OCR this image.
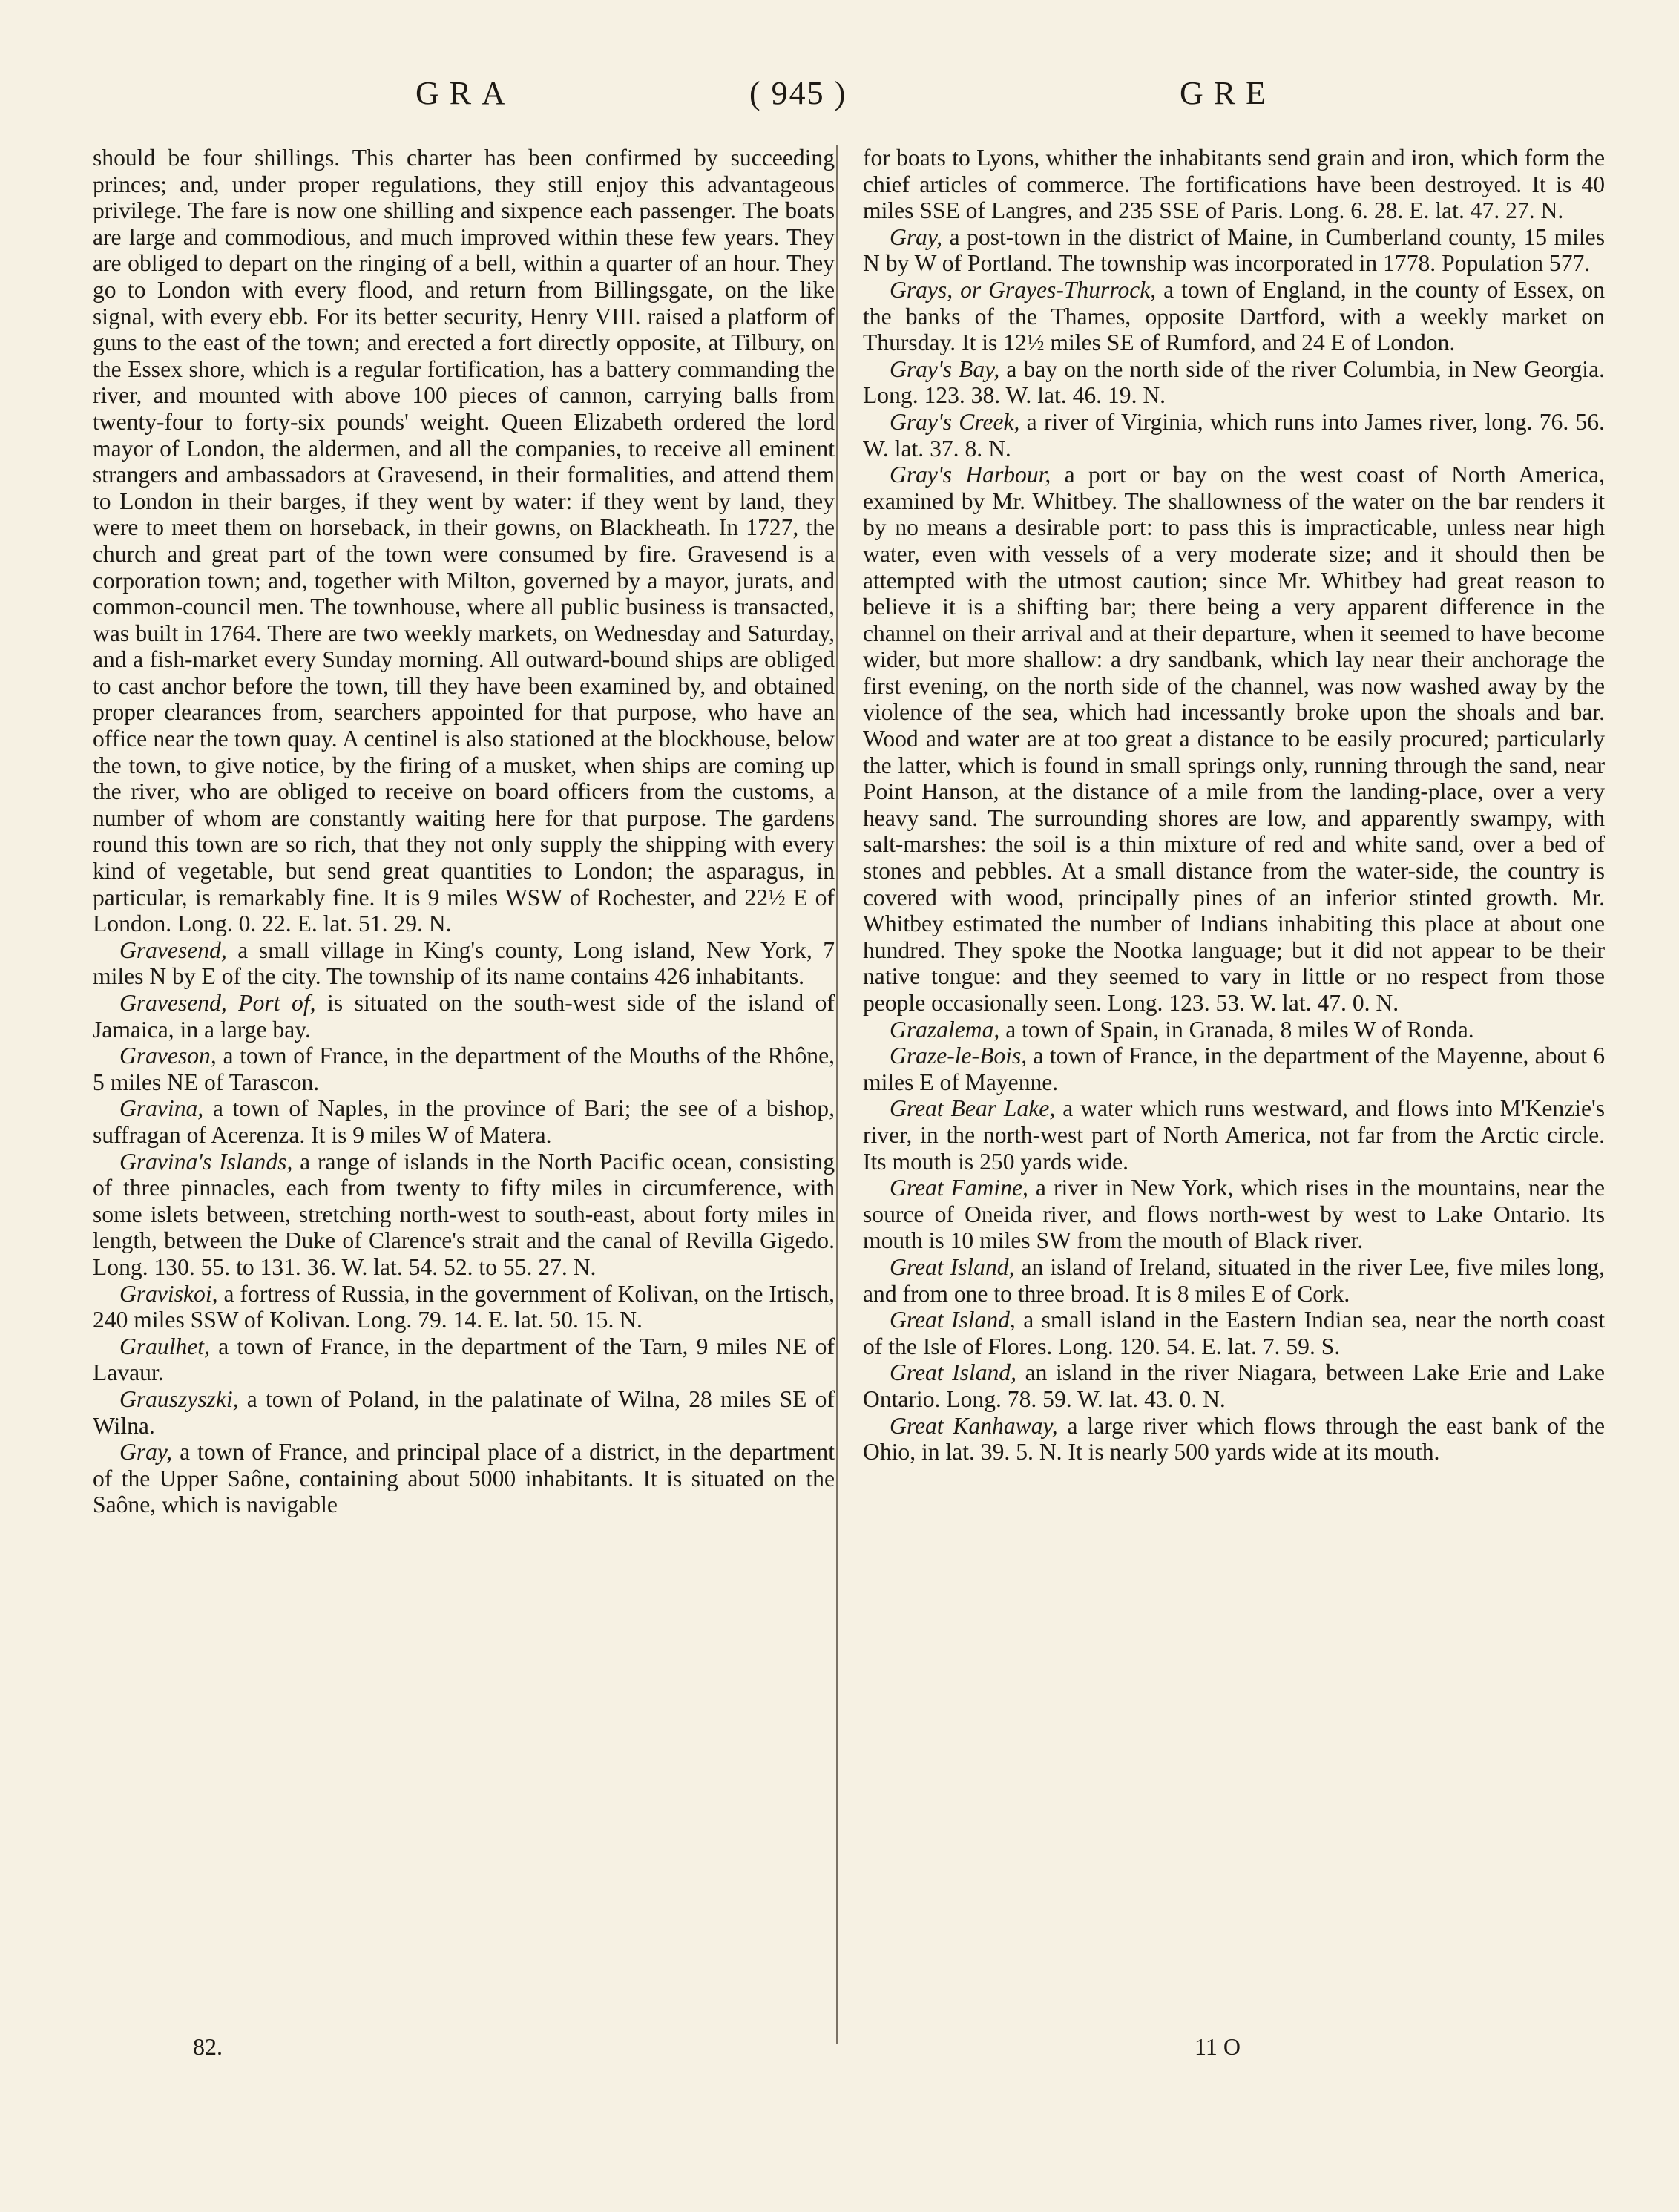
GRA	( 945 )	GRE

should be four shillings. This charter has been confirmed by succeeding princes; and, under proper regulations, they still enjoy this advantageous privilege. The fare is now one shilling and sixpence each passenger. The boats are large and commodious, and much improved within these few years. They are obliged to depart on the ringing of a bell, within a quarter of an hour. They go to London with every flood, and return from Billingsgate, on the like signal, with every ebb. For its better security, Henry VIII. raised a platform of guns to the east of the town; and erected a fort directly opposite, at Tilbury, on the Essex shore, which is a regular fortification, has a battery commanding the river, and mounted with above 100 pieces of cannon, carrying balls from twenty-four to forty-six pounds' weight. Queen Elizabeth ordered the lord mayor of London, the aldermen, and all the companies, to receive all eminent strangers and ambassadors at Gravesend, in their formalities, and attend them to London in their barges, if they went by water: if they went by land, they were to meet them on horseback, in their gowns, on Blackheath. In 1727, the church and great part of the town were consumed by fire. Gravesend is a corporation town; and, together with Milton, governed by a mayor, jurats, and common-council men. The townhouse, where all public business is transacted, was built in 1764. There are two weekly markets, on Wednesday and Saturday, and a fish-market every Sunday morning. All outward-bound ships are obliged to cast anchor before the town, till they have been examined by, and obtained proper clearances from, searchers appointed for that purpose, who have an office near the town quay. A centinel is also stationed at the blockhouse, below the town, to give notice, by the firing of a musket, when ships are coming up the river, who are obliged to receive on board officers from the customs, a number of whom are constantly waiting here for that purpose. The gardens round this town are so rich, that they not only supply the shipping with every kind of vegetable, but send great quantities to London; the asparagus, in particular, is remarkably fine. It is 9 miles WSW of Rochester, and 22½ E of London. Long. 0. 22. E. lat. 51. 29. N.

Gravesend, a small village in King's county, Long island, New York, 7 miles N by E of the city. The township of its name contains 426 inhabitants.

Gravesend, Port of, is situated on the south-west side of the island of Jamaica, in a large bay.

Graveson, a town of France, in the department of the Mouths of the Rhône, 5 miles NE of Tarascon.

Gravina, a town of Naples, in the province of Bari; the see of a bishop, suffragan of Acerenza. It is 9 miles W of Matera.

Gravina's Islands, a range of islands in the North Pacific ocean, consisting of three pinnacles, each from twenty to fifty miles in circumference, with some islets between, stretching north-west to south-east, about forty miles in length, between the Duke of Clarence's strait and the canal of Revilla Gigedo. Long. 130. 55. to 131. 36. W. lat. 54. 52. to 55. 27. N.

Graviskoi, a fortress of Russia, in the government of Kolivan, on the Irtisch, 240 miles SSW of Kolivan. Long. 79. 14. E. lat. 50. 15. N.

Graulhet, a town of France, in the department of the Tarn, 9 miles NE of Lavaur.

Grauszyszki, a town of Poland, in the palatinate of Wilna, 28 miles SE of Wilna.

Gray, a town of France, and principal place of a district, in the department of the Upper Saône, containing about 5000 inhabitants. It is situated on the Saône, which is navigable

for boats to Lyons, whither the inhabitants send grain and iron, which form the chief articles of commerce. The fortifications have been destroyed. It is 40 miles SSE of Langres, and 235 SSE of Paris. Long. 6. 28. E. lat. 47. 27. N.

Gray, a post-town in the district of Maine, in Cumberland county, 15 miles N by W of Portland. The township was incorporated in 1778. Population 577.

Grays, or Grayes-Thurrock, a town of England, in the county of Essex, on the banks of the Thames, opposite Dartford, with a weekly market on Thursday. It is 12½ miles SE of Rumford, and 24 E of London.

Gray's Bay, a bay on the north side of the river Columbia, in New Georgia. Long. 123. 38. W. lat. 46. 19. N.

Gray's Creek, a river of Virginia, which runs into James river, long. 76. 56. W. lat. 37. 8. N.

Gray's Harbour, a port or bay on the west coast of North America, examined by Mr. Whitbey. The shallowness of the water on the bar renders it by no means a desirable port: to pass this is impracticable, unless near high water, even with vessels of a very moderate size; and it should then be attempted with the utmost caution; since Mr. Whitbey had great reason to believe it is a shifting bar; there being a very apparent difference in the channel on their arrival and at their departure, when it seemed to have become wider, but more shallow: a dry sandbank, which lay near their anchorage the first evening, on the north side of the channel, was now washed away by the violence of the sea, which had incessantly broke upon the shoals and bar. Wood and water are at too great a distance to be easily procured; particularly the latter, which is found in small springs only, running through the sand, near Point Hanson, at the distance of a mile from the landing-place, over a very heavy sand. The surrounding shores are low, and apparently swampy, with salt-marshes: the soil is a thin mixture of red and white sand, over a bed of stones and pebbles. At a small distance from the water-side, the country is covered with wood, principally pines of an inferior stinted growth. Mr. Whitbey estimated the number of Indians inhabiting this place at about one hundred. They spoke the Nootka language; but it did not appear to be their native tongue: and they seemed to vary in little or no respect from those people occasionally seen. Long. 123. 53. W. lat. 47. 0. N.

Grazalema, a town of Spain, in Granada, 8 miles W of Ronda.

Graze-le-Bois, a town of France, in the department of the Mayenne, about 6 miles E of Mayenne.

Great Bear Lake, a water which runs westward, and flows into M'Kenzie's river, in the north-west part of North America, not far from the Arctic circle. Its mouth is 250 yards wide.

Great Famine, a river in New York, which rises in the mountains, near the source of Oneida river, and flows north-west by west to Lake Ontario. Its mouth is 10 miles SW from the mouth of Black river.

Great Island, an island of Ireland, situated in the river Lee, five miles long, and from one to three broad. It is 8 miles E of Cork.

Great Island, a small island in the Eastern Indian sea, near the north coast of the Isle of Flores. Long. 120. 54. E. lat. 7. 59. S.

Great Island, an island in the river Niagara, between Lake Erie and Lake Ontario. Long. 78. 59. W. lat. 43. 0. N.

Great Kanhaway, a large river which flows through the east bank of the Ohio, in lat. 39. 5. N. It is nearly 500 yards wide at its mouth.

82.	11 O
